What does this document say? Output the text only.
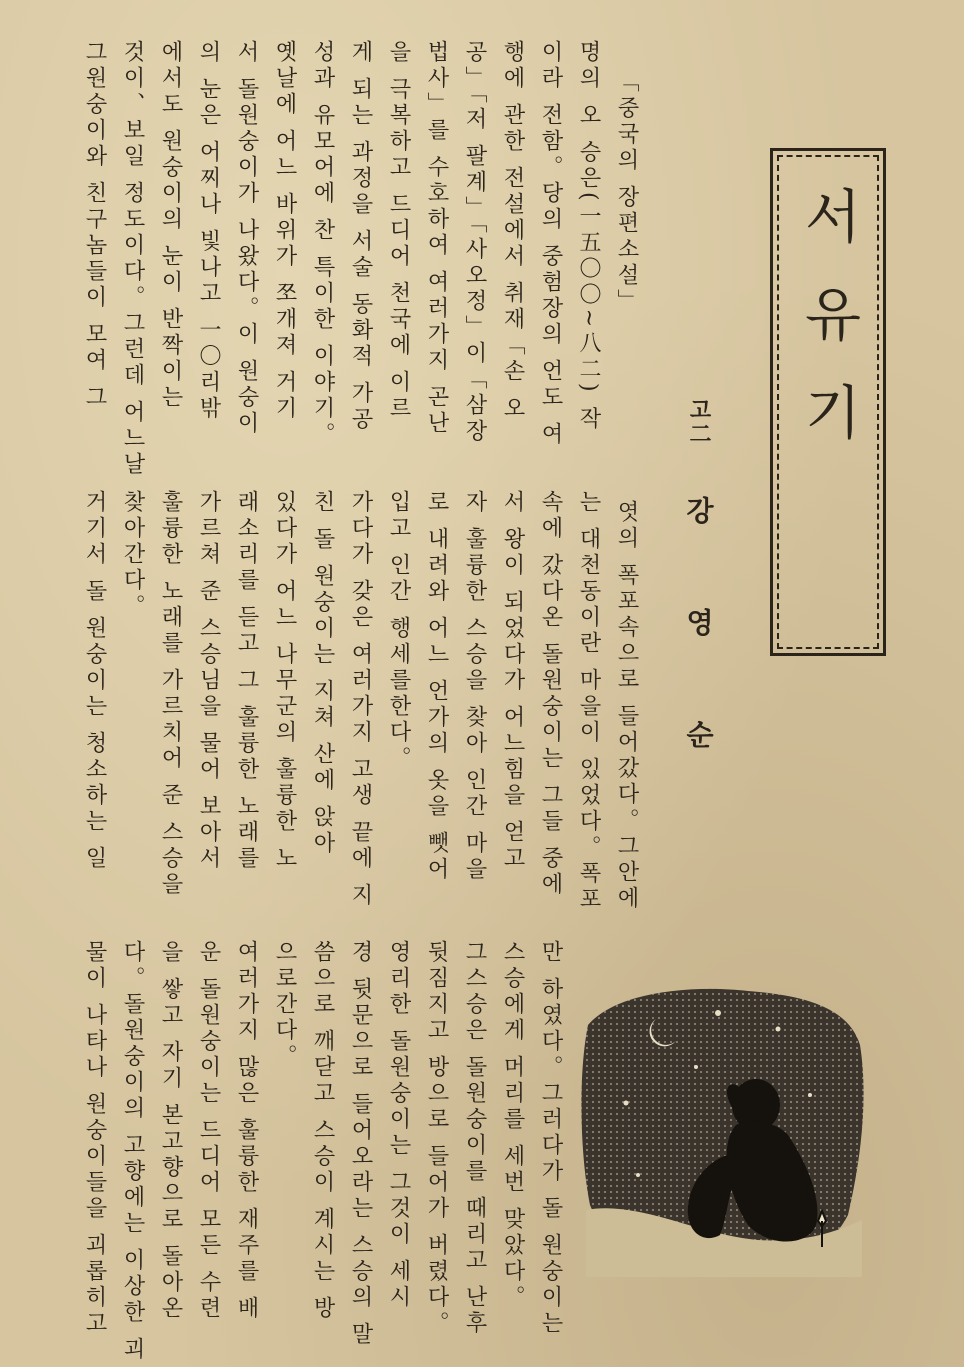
서유기
고二강영순
「중국의 장편소설」
명의 오 승은(一五〇〇~八二) 작
이라 전함。당의 중험장의 언도 여
행에 관한 전설에서 취재「손 오
공」「저 팔계」「사오정」이「삼장
법사」를 수호하여 여러가지 곤난
을 극복하고 드디어 천국에 이르
게 되는 과정을 서술 동화적 가공
성과 유모어에 찬 특이한 이야기。
옛날에 어느 바위가 쪼개져 거기
서 돌원숭이가 나왔다。이 원숭이
의 눈은 어찌나 빛나고 一〇리밖
에서도 원숭이의 눈이 반짝이는
것이、보일 정도이다。그런데 어느날
그원숭이와 친구놈들이 모여 그
엿의 폭포속으로 들어갔다。그안에
는 대천동이란 마을이 있었다。폭포
속에 갔다온 돌원숭이는 그들 중에
서 왕이 되었다가 어느힘을 얻고
자 훌륭한 스승을 찾아 인간 마을
로 내려와 어느 언가의 옷을 뺏어
입고 인간 행세를한다。
가다가 갖은 여러가지 고생 끝에 지
친 돌 원숭이는 지쳐 산에 앉아
있다가 어느 나무군의 훌륭한 노
래소리를 듣고 그 훌륭한 노래를
가르쳐 준 스승님을 물어 보아서
훌륭한 노래를 가르치어 준 스승을
찾아간다。
거기서 돌 원숭이는 청소하는 일
만 하였다。그러다가 돌 원숭이는
스승에게 머리를 세번 맞았다。
그스승은 돌원숭이를 때리고 난후
뒷짐지고 방으로 들어가 버렸다。
영리한 돌원숭이는 그것이 세시
경 뒷문으로 들어오라는 스승의 말
씀으로 깨닫고 스승이 계시는 방
으로간다。
여러가지 많은 훌륭한 재주를 배
운 돌원숭이는 드디어 모든 수련
을 쌓고 자기 본고향으로 돌아온
다。돌원숭이의 고향에는 이상한 괴
물이 나타나 원숭이들을 괴롭히고
